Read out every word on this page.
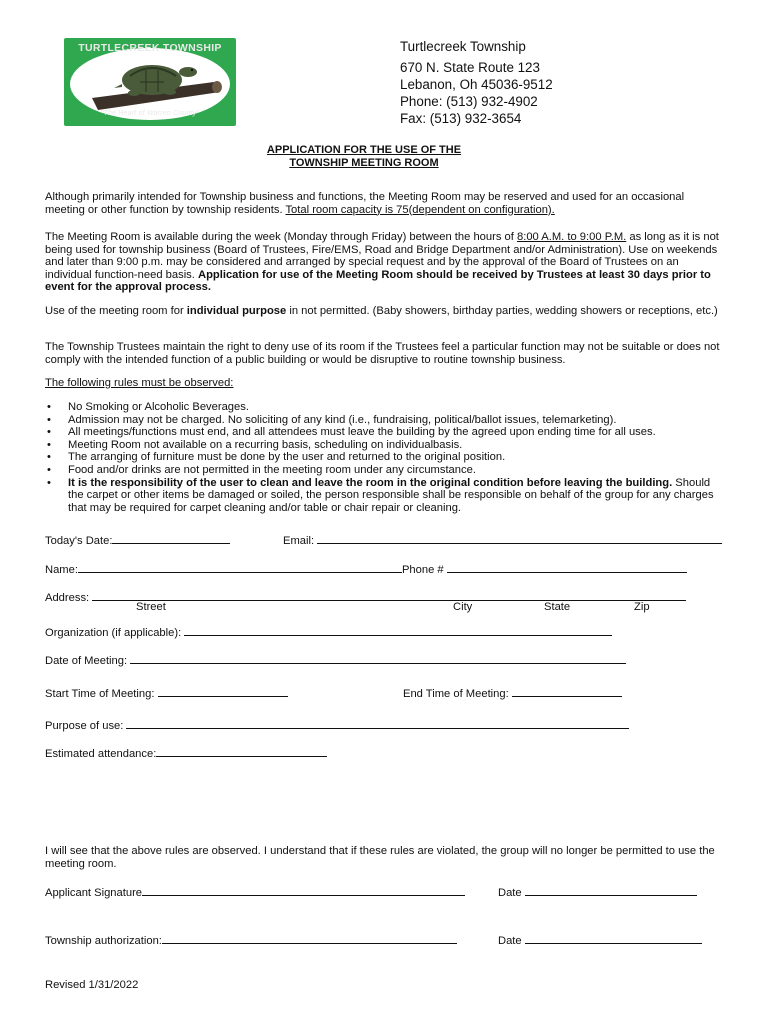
TURTLECREEK TOWNSHIP
"The Heart of Warren County"
Turtlecreek Township
670 N. State Route 123
Lebanon, Oh 45036-9512
Phone: (513) 932-4902
Fax: (513) 932-3654
APPLICATION FOR THE USE OF THE
TOWNSHIP MEETING ROOM
Although primarily intended for Township business and functions, the Meeting Room may be reserved and used for an occasional meeting or other function by township residents. Total room capacity is 75(dependent on configuration).
The Meeting Room is available during the week (Monday through Friday) between the hours of 8:00 A.M. to 9:00 P.M. as long as it is not being used for township business (Board of Trustees, Fire/EMS, Road and Bridge Department and/or Administration). Use on weekends and later than 9:00 p.m. may be considered and arranged by special request and by the approval of the Board of Trustees on an individual function-need basis. Application for use of the Meeting Room should be received by Trustees at least 30 days prior to event for the approval process.
Use of the meeting room for individual purpose in not permitted. (Baby showers, birthday parties, wedding showers or receptions, etc.)
The Township Trustees maintain the right to deny use of its room if the Trustees feel a particular function may not be suitable or does not comply with the intended function of a public building or would be disruptive to routine township business.
The following rules must be observed:
• No Smoking or Alcoholic Beverages.
• Admission may not be charged. No soliciting of any kind (i.e., fundraising, political/ballot issues, telemarketing).
• All meetings/functions must end, and all attendees must leave the building by the agreed upon ending time for all uses.
• Meeting Room not available on a recurring basis, scheduling on individualbasis.
• The arranging of furniture must be done by the user and returned to the original position.
• Food and/or drinks are not permitted in the meeting room under any circumstance.
• It is the responsibility of the user to clean and leave the room in the original condition before leaving the building. Should the carpet or other items be damaged or soiled, the person responsible shall be responsible on behalf of the group for any charges that may be required for carpet cleaning and/or table or chair repair or cleaning.
Today's Date:	Email:
Name:	Phone #
Address:
Street	City	State	Zip
Organization (if applicable):
Date of Meeting:
Start Time of Meeting:	End Time of Meeting:
Purpose of use:
Estimated attendance:
I will see that the above rules are observed. I understand that if these rules are violated, the group will no longer be permitted to use the meeting room.
Applicant Signature	Date
Township authorization:	Date
Revised 1/31/2022
